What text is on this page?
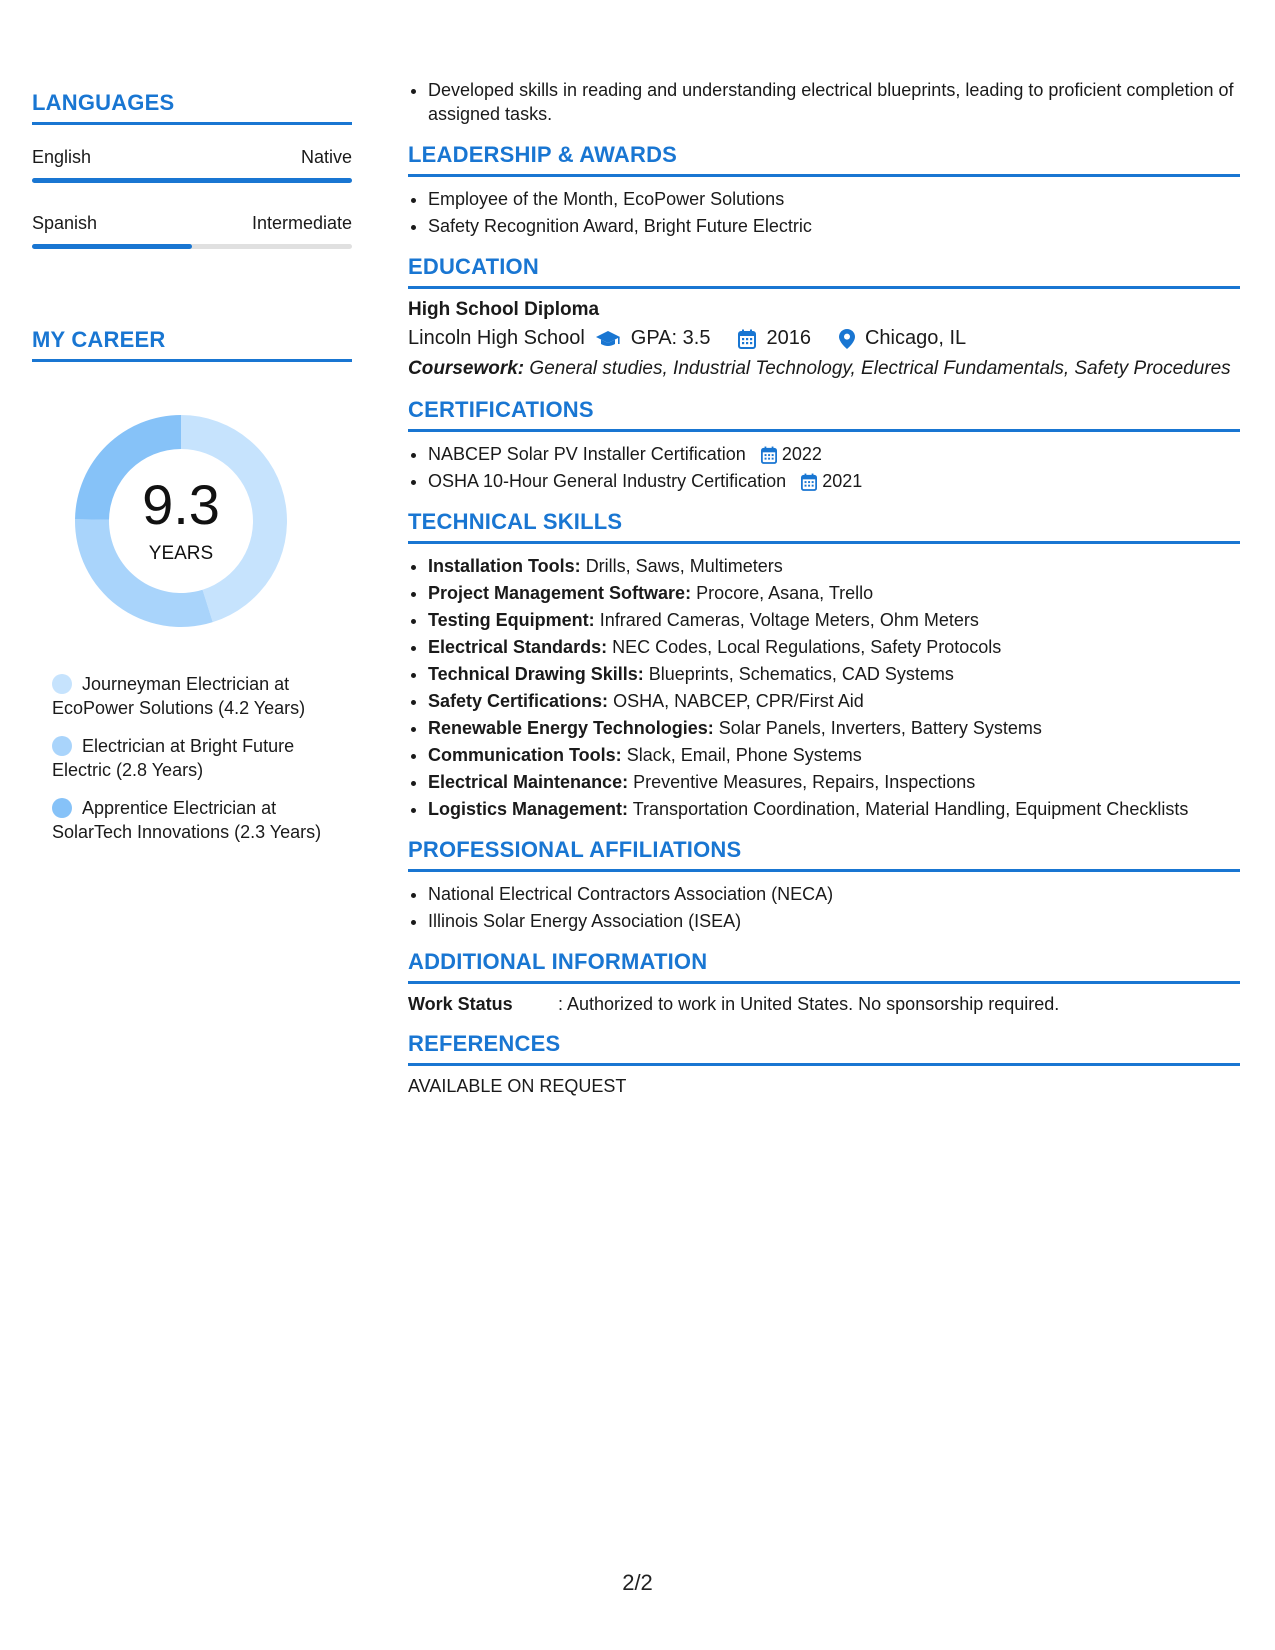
LANGUAGES
English	Native
Spanish	Intermediate
MY CAREER
9.3
YEARS
Journeyman Electrician at EcoPower Solutions (4.2 Years)
Electrician at Bright Future Electric (2.8 Years)
Apprentice Electrician at SolarTech Innovations (2.3 Years)
• Developed skills in reading and understanding electrical blueprints, leading to proficient completion of assigned tasks.
LEADERSHIP & AWARDS
• Employee of the Month, EcoPower Solutions
• Safety Recognition Award, Bright Future Electric
EDUCATION
High School Diploma
Lincoln High School GPA: 3.5	2016	Chicago, IL
Coursework: General studies, Industrial Technology, Electrical Fundamentals, Safety Procedures
CERTIFICATIONS
• NABCEP Solar PV Installer Certification 2022
• OSHA 10-Hour General Industry Certification 2021
TECHNICAL SKILLS
• Installation Tools: Drills, Saws, Multimeters
• Project Management Software: Procore, Asana, Trello
• Testing Equipment: Infrared Cameras, Voltage Meters, Ohm Meters
• Electrical Standards: NEC Codes, Local Regulations, Safety Protocols
• Technical Drawing Skills: Blueprints, Schematics, CAD Systems
• Safety Certifications: OSHA, NABCEP, CPR/First Aid
• Renewable Energy Technologies: Solar Panels, Inverters, Battery Systems
• Communication Tools: Slack, Email, Phone Systems
• Electrical Maintenance: Preventive Measures, Repairs, Inspections
• Logistics Management: Transportation Coordination, Material Handling, Equipment Checklists
PROFESSIONAL AFFILIATIONS
• National Electrical Contractors Association (NECA)
• Illinois Solar Energy Association (ISEA)
ADDITIONAL INFORMATION
Work Status	: Authorized to work in United States. No sponsorship required.
REFERENCES
AVAILABLE ON REQUEST
2/2
